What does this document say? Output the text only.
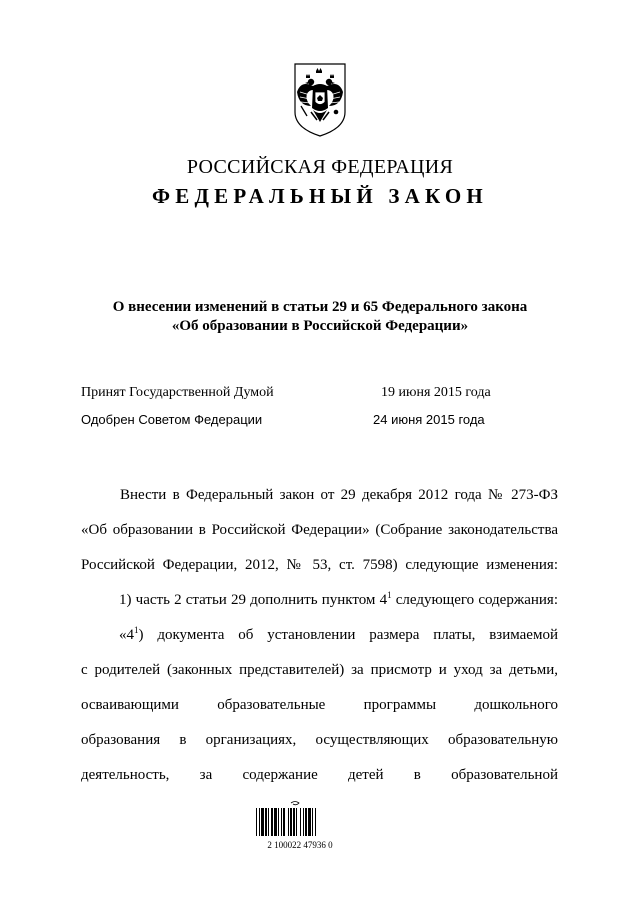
РОССИЙСКАЯ ФЕДЕРАЦИЯ
ФЕДЕРАЛЬНЫЙ ЗАКОН
О внесении изменений в статьи 29 и 65 Федерального закона
«Об образовании в Российской Федерации»
Принят Государственной Думой	19 июня 2015 года
Одобрен Советом Федерации	24 июня 2015 года
Внести в Федеральный закон от 29 декабря 2012 года № 273-ФЗ
«Об образовании в Российской Федерации» (Собрание законодательства
Российской Федерации, 2012, № 53, ст. 7598) следующие изменения:
1) часть 2 статьи 29 дополнить пунктом $4^1$ следующего содержания:
«$4^1$) документа об установлении размера платы, взимаемой
с родителей (законных представителей) за присмотр и уход за детьми,
осваивающими образовательные программы дошкольного
образования в организациях, осуществляющих образовательную
деятельность, за содержание детей в образовательной
2 100022 47936 0
